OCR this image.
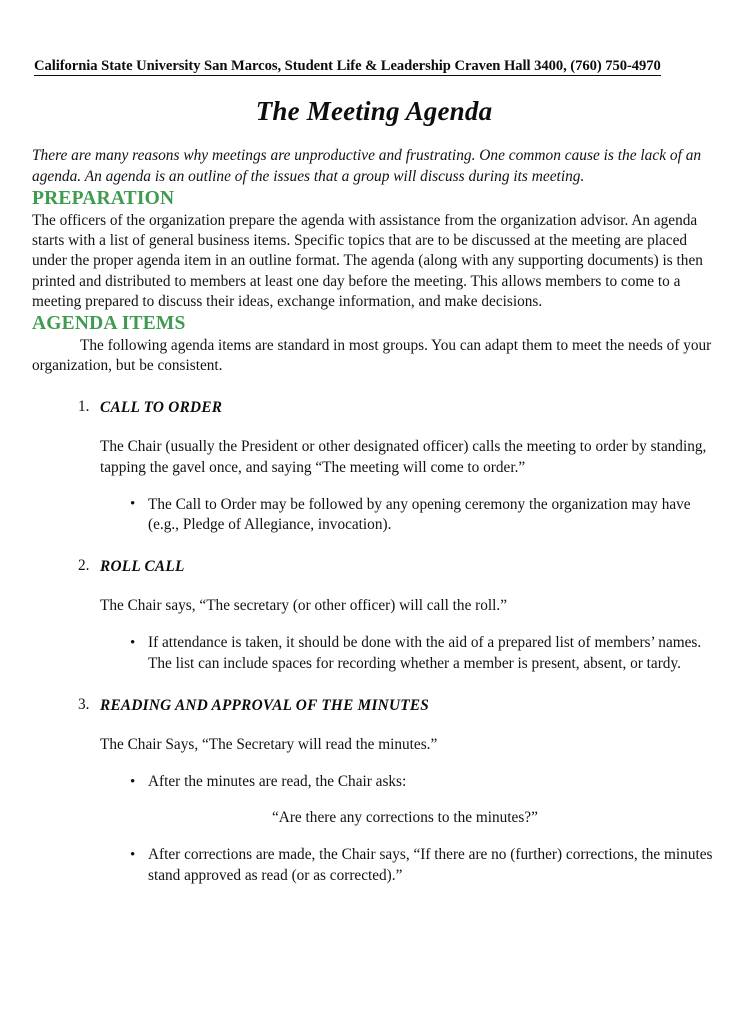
California State University San Marcos, Student Life & Leadership Craven Hall 3400, (760) 750-4970
The Meeting Agenda

There are many reasons why meetings are unproductive and frustrating. One common cause is the lack of an agenda. An agenda is an outline of the issues that a group will discuss during its meeting.

PREPARATION

The officers of the organization prepare the agenda with assistance from the organization advisor. An agenda starts with a list of general business items. Specific topics that are to be discussed at the meeting are placed under the proper agenda item in an outline format. The agenda (along with any supporting documents) is then printed and distributed to members at least one day before the meeting. This allows members to come to a meeting prepared to discuss their ideas, exchange information, and make decisions.

AGENDA ITEMS

The following agenda items are standard in most groups. You can adapt them to meet the needs of your organization, but be consistent.

1. CALL TO ORDER
The Chair (usually the President or other designated officer) calls the meeting to order by standing, tapping the gavel once, and saying “The meeting will come to order.”
• The Call to Order may be followed by any opening ceremony the organization may have (e.g., Pledge of Allegiance, invocation).
2. ROLL CALL
The Chair says, “The secretary (or other officer) will call the roll.”
• If attendance is taken, it should be done with the aid of a prepared list of members’ names. The list can include spaces for recording whether a member is present, absent, or tardy.
3. READING AND APPROVAL OF THE MINUTES
The Chair Says, “The Secretary will read the minutes.”
• After the minutes are read, the Chair asks:
“Are there any corrections to the minutes?”
• After corrections are made, the Chair says, “If there are no (further) corrections, the minutes stand approved as read (or as corrected).”
